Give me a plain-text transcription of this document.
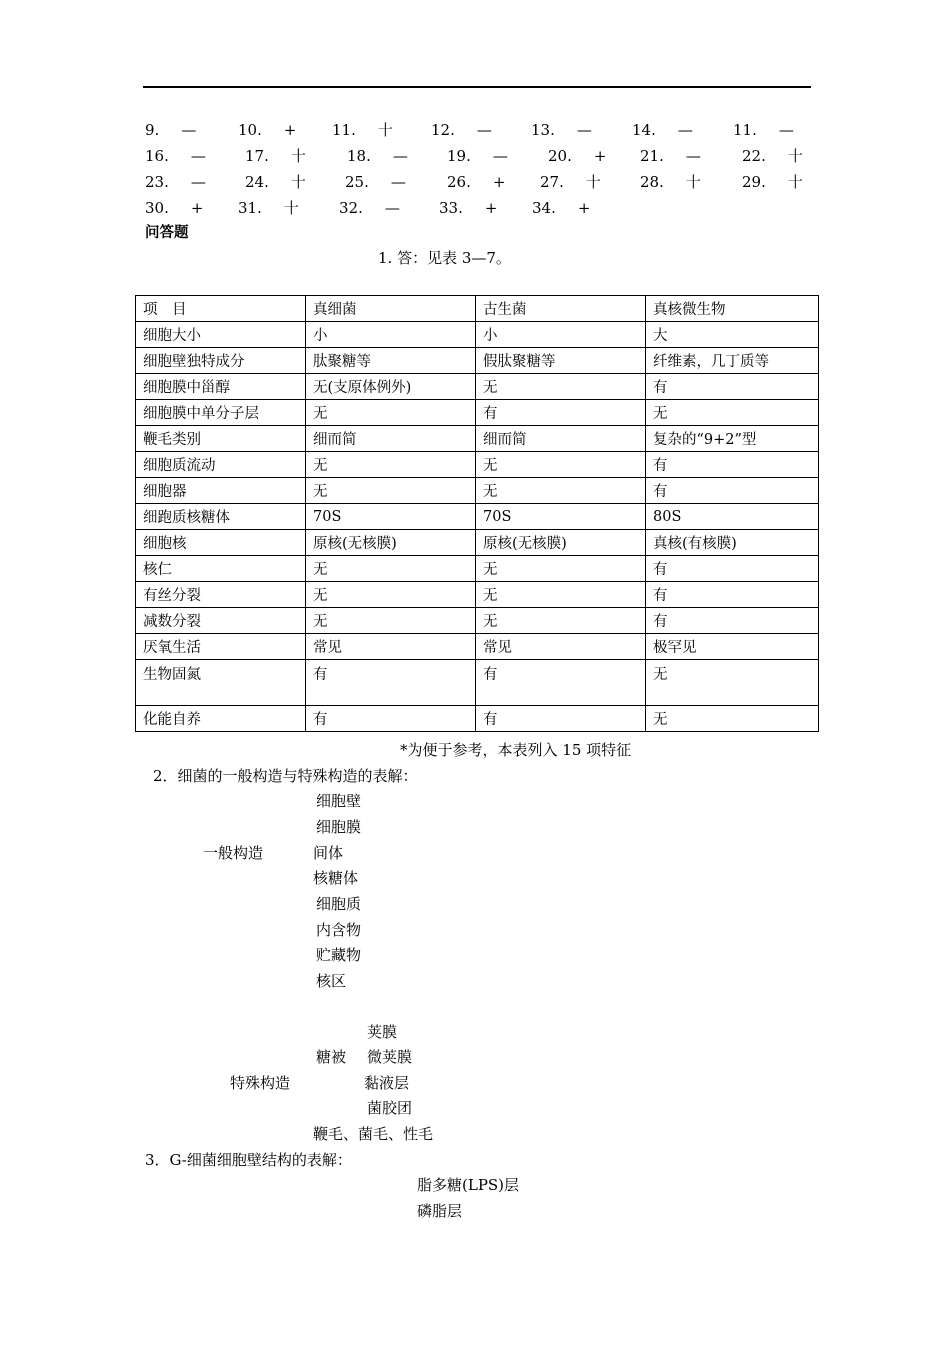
9. —	10. + 11. 十	12. —	13. —	14. —	11. —
16. —	17. 十	18. —	19. —	20. + 21. —	22. 十
23. —	24. 十	25. —	26. + 27. 十	28. 十	29. 十
30. + 31. 十	32. —	33. + 34. +
问答题
1. 答：见表 3—7。
项　目	真细菌	古生菌	真核微生物
细胞大小	小	小	大
细胞壁独特成分	肽聚糖等	假肽聚糖等	纤维素，几丁质等
细胞膜中甾醇	无(支原体例外)	无	有
细胞膜中单分子层	无	有	无
鞭毛类别	细而简	细而简	复杂的“9+2”型
细胞质流动	无	无	有
细胞器	无	无	有
细跑质核糖体	70S	70S	80S
细胞核	原核(无核膜)	原核(无核膜)	真核(有核膜)
核仁	无	无	有
有丝分裂	无	无	有
减数分裂	无	无	有
厌氧生活	常见	常见	极罕见
生物固氮	有	有	无
化能自养	有	有	无
*为便于参考，本表列入 15 项特征
2．细菌的一般构造与特殊构造的表解：
一般构造
细胞壁
细胞膜
间体
核糖体
细胞质
内含物
贮藏物
核区
特殊构造
糖被
荚膜
微荚膜
黏液层
菌胶团
鞭毛、菌毛、性毛
3．G-细菌细胞壁结构的表解：
脂多糖(LPS)层
磷脂层
